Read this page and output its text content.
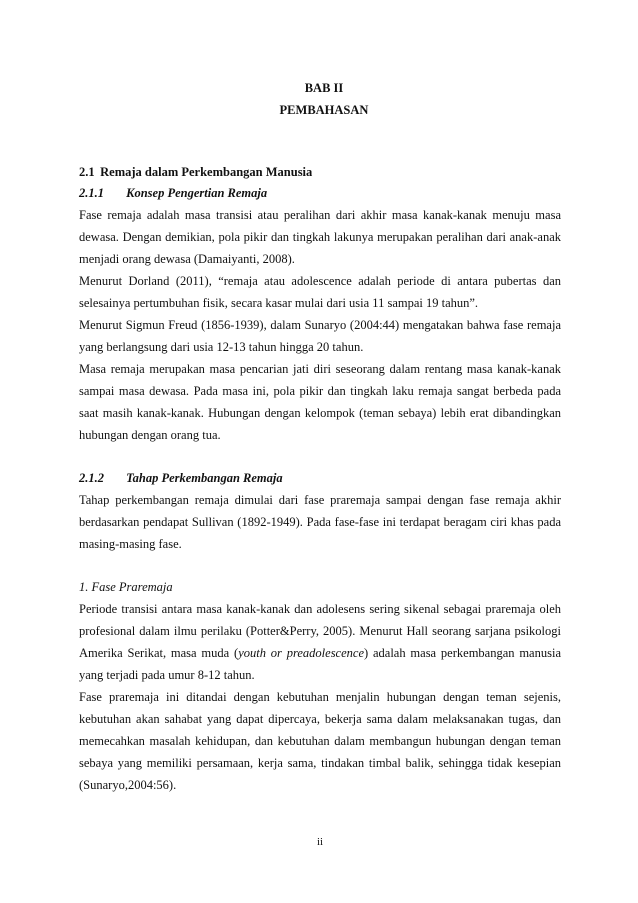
BAB II
PEMBAHASAN
2.1 Remaja dalam Perkembangan Manusia
2.1.1 Konsep Pengertian Remaja

Fase remaja adalah masa transisi atau peralihan dari akhir masa kanak-kanak menuju masa dewasa. Dengan demikian, pola pikir dan tingkah lakunya merupakan peralihan dari anak-anak menjadi orang dewasa (Damaiyanti, 2008).

Menurut Dorland (2011), “remaja atau adolescence adalah periode di antara pubertas dan selesainya pertumbuhan fisik, secara kasar mulai dari usia 11 sampai 19 tahun”.

Menurut Sigmun Freud (1856-1939), dalam Sunaryo (2004:44) mengatakan bahwa fase remaja yang berlangsung dari usia 12-13 tahun hingga 20 tahun.

Masa remaja merupakan masa pencarian jati diri seseorang dalam rentang masa kanak-kanak sampai masa dewasa. Pada masa ini, pola pikir dan tingkah laku remaja sangat berbeda pada saat masih kanak-kanak. Hubungan dengan kelompok (teman sebaya) lebih erat dibandingkan hubungan dengan orang tua.

2.1.2 Tahap Perkembangan Remaja

Tahap perkembangan remaja dimulai dari fase praremaja sampai dengan fase remaja akhir berdasarkan pendapat Sullivan (1892-1949). Pada fase-fase ini terdapat beragam ciri khas pada masing-masing fase.

1. Fase Praremaja

Periode transisi antara masa kanak-kanak dan adolesens sering sikenal sebagai praremaja oleh profesional dalam ilmu perilaku (Potter&Perry, 2005). Menurut Hall seorang sarjana psikologi Amerika Serikat, masa muda (youth or preadolescence) adalah masa perkembangan manusia yang terjadi pada umur 8-12 tahun.

Fase praremaja ini ditandai dengan kebutuhan menjalin hubungan dengan teman sejenis, kebutuhan akan sahabat yang dapat dipercaya, bekerja sama dalam melaksanakan tugas, dan memecahkan masalah kehidupan, dan kebutuhan dalam membangun hubungan dengan teman sebaya yang memiliki persamaan, kerja sama, tindakan timbal balik, sehingga tidak kesepian (Sunaryo,2004:56).

ii
